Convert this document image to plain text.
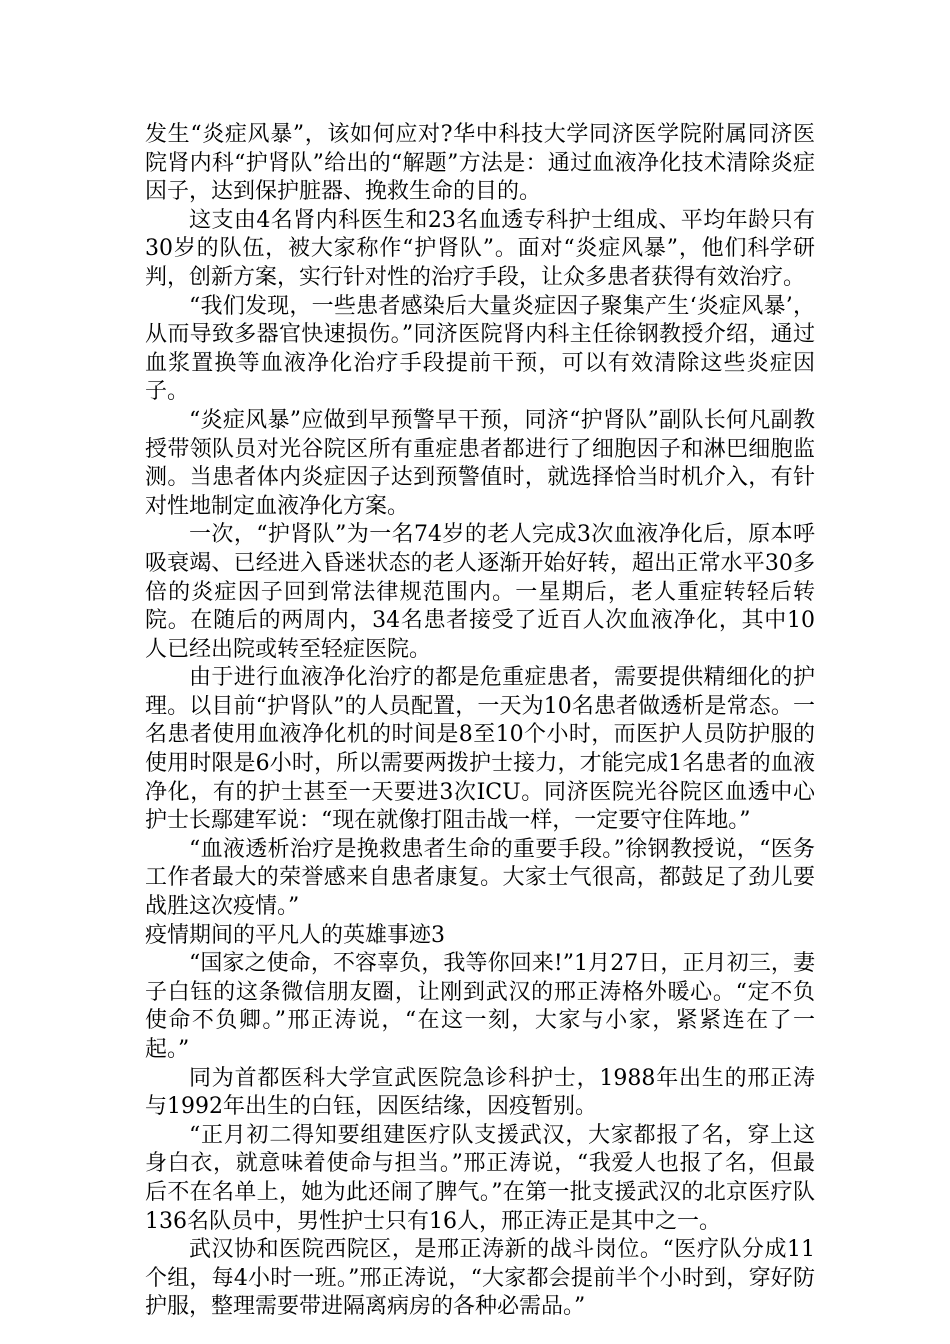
发生“炎症风暴”，该如何应对?华中科技大学同济医学院附属同济医院肾内科“护肾队”给出的“解题”方法是：通过血液净化技术清除炎症因子，达到保护脏器、挽救生命的目的。

这支由4名肾内科医生和23名血透专科护士组成、平均年龄只有30岁的队伍，被大家称作“护肾队”。面对“炎症风暴”，他们科学研判，创新方案，实行针对性的治疗手段，让众多患者获得有效治疗。

“我们发现，一些患者感染后大量炎症因子聚集产生‘炎症风暴’，从而导致多器官快速损伤。”同济医院肾内科主任徐钢教授介绍，通过血浆置换等血液净化治疗手段提前干预，可以有效清除这些炎症因子。

“炎症风暴”应做到早预警早干预，同济“护肾队”副队长何凡副教授带领队员对光谷院区所有重症患者都进行了细胞因子和淋巴细胞监测。当患者体内炎症因子达到预警值时，就选择恰当时机介入，有针对性地制定血液净化方案。

一次，“护肾队”为一名74岁的老人完成3次血液净化后，原本呼吸衰竭、已经进入昏迷状态的老人逐渐开始好转，超出正常水平30多倍的炎症因子回到常法律规范围内。一星期后，老人重症转轻后转院。在随后的两周内，34名患者接受了近百人次血液净化，其中10人已经出院或转至轻症医院。

由于进行血液净化治疗的都是危重症患者，需要提供精细化的护理。以目前“护肾队”的人员配置，一天为10名患者做透析是常态。一名患者使用血液净化机的时间是8至10个小时，而医护人员防护服的使用时限是6小时，所以需要两拨护士接力，才能完成1名患者的血液净化，有的护士甚至一天要进3次ICU。同济医院光谷院区血透中心护士长鄢建军说：“现在就像打阻击战一样，一定要守住阵地。”

“血液透析治疗是挽救患者生命的重要手段。”徐钢教授说，“医务工作者最大的荣誉感来自患者康复。大家士气很高，都鼓足了劲儿要战胜这次疫情。”

疫情期间的平凡人的英雄事迹3

“国家之使命，不容辜负，我等你回来!”1月27日，正月初三，妻子白钰的这条微信朋友圈，让刚到武汉的邢正涛格外暖心。“定不负使命不负卿。”邢正涛说，“在这一刻，大家与小家，紧紧连在了一起。”

同为首都医科大学宣武医院急诊科护士，1988年出生的邢正涛与1992年出生的白钰，因医结缘，因疫暂别。

“正月初二得知要组建医疗队支援武汉，大家都报了名，穿上这身白衣，就意味着使命与担当。”邢正涛说，“我爱人也报了名，但最后不在名单上，她为此还闹了脾气。”在第一批支援武汉的北京医疗队136名队员中，男性护士只有16人，邢正涛正是其中之一。

武汉协和医院西院区，是邢正涛新的战斗岗位。“医疗队分成11个组，每4小时一班。”邢正涛说，“大家都会提前半个小时到，穿好防护服，整理需要带进隔离病房的各种必需品。”
